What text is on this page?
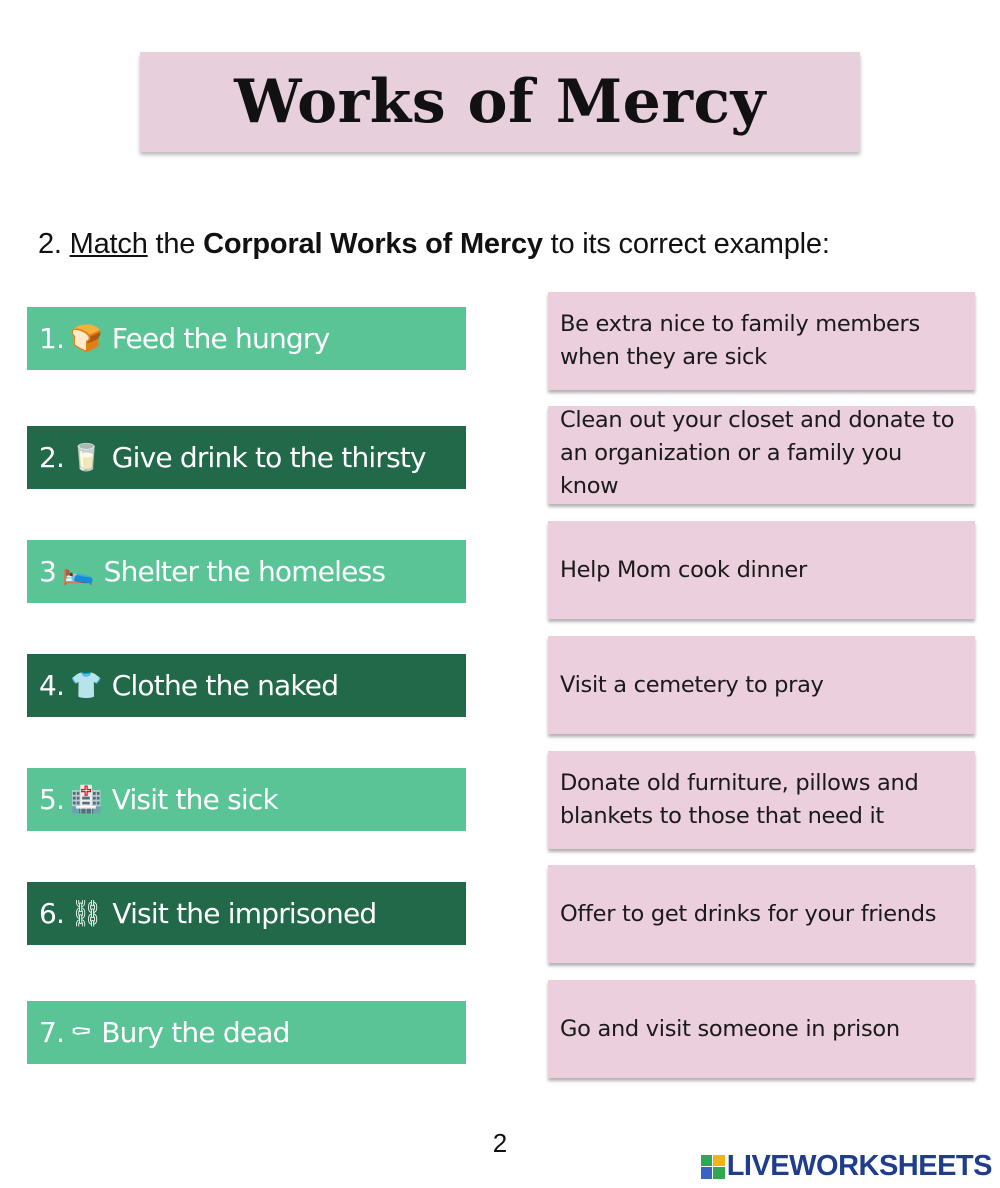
Works of Mercy
2. Match the Corporal Works of Mercy to its correct example:
1. 🍞 Feed the hungry
2. 🥛 Give drink to the thirsty
3 🛌 Shelter the homeless
4. 👕 Clothe the naked
5. 🏥 Visit the sick
6. ⛓ Visit the imprisoned
7. ⚰ Bury the dead
Be extra nice to family members when they are sick
Clean out your closet and donate to an organization or a family you know
Help Mom cook dinner
Visit a cemetery to pray
Donate old furniture, pillows and blankets to those that need it
Offer to get drinks for your friends
Go and visit someone in prison
2
LIVEWORKSHEETS
